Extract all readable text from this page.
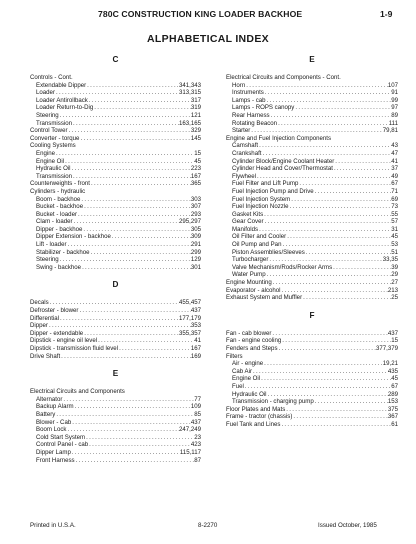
780C CONSTRUCTION KING LOADER BACKHOE	1-9
ALPHABETICAL INDEX
C
Controls - Cont.
Extendable Dipper .....	341,343
Loader .....	313,315
Loader Antirollback .....	317
Loader Return-to-Dig .....	319
Steering .....	121
Transmission .....	163,165
Control Tower .....	329
Converter - torque .....	145
Cooling Systems
Engine .....	15
Engine Oil .....	45
Hydraulic Oil .....	223
Transmission .....	167
Counterweights - front .....	365
Cylinders - hydraulic
Boom - backhoe .....	303
Bucket - backhoe .....	307
Bucket - loader .....	293
Clam - loader .....	295,297
Dipper - backhoe .....	305
Dipper Extension - backhoe .....	309
Lift - loader .....	291
Stabilizer - backhoe .....	299
Steering .....	129
Swing - backhoe .....	301
D
Decals .....	455,457
Defroster - blower .....	437
Differential .....	177,179
Dipper .....	353
Dipper - extendable .....	355,357
Dipstick - engine oil level .....	41
Dipstick - transmission fluid level .....	167
Drive Shaft .....	169
E
Electrical Circuits and Components
Alternator .....	77
Backup Alarm .....	109
Battery .....	85
Blower - Cab .....	437
Boom Lock .....	247,249
Cold Start System .....	23
Control Panel - cab .....	423
Dipper Lamp .....	115,117
Front Harness .....	87
E
Electrical Circuits and Components - Cont.
Horn .....	107
Instruments .....	91
Lamps - cab .....	99
Lamps - ROPS canopy .....	97
Rear Harness .....	89
Rotating Beacon .....	111
Starter .....	79,81
Engine and Fuel Injection Components
Camshaft .....	43
Crankshaft .....	47
Cylinder Block/Engine Coolant Heater .....	41
Cylinder Head and Cover/Thermostat .....	37
Flywheel .....	49
Fuel Filter and Lift Pump .....	67
Fuel Injection Pump and Drive .....	71
Fuel Injection System .....	69
Fuel Injection Nozzle .....	73
Gasket Kits .....	55
Gear Cover .....	57
Manifolds .....	31
Oil Filter and Cooler .....	45
Oil Pump and Pan .....	53
Piston Assemblies/Sleeves .....	51
Turbocharger .....	33,35
Valve Mechanism/Rods/Rocker Arms .....	39
Water Pump .....	29
Engine Mounting .....	27
Evaporator - alcohol .....	213
Exhaust System and Muffler .....	25
F
Fan - cab blower .....	437
Fan - engine cooling .....	15
Fenders and Steps .....	377,379
Filters
Air - engine .....	19,21
Cab Air .....	435
Engine Oil .....	45
Fuel .....	67
Hydraulic Oil .....	289
Transmission - charging pump .....	153
Floor Plates and Mats .....	375
Frame - tractor (chassis) .....	367
Fuel Tank and Lines .....	61
Printed in U.S.A.	8-2270	Issued October, 1985
